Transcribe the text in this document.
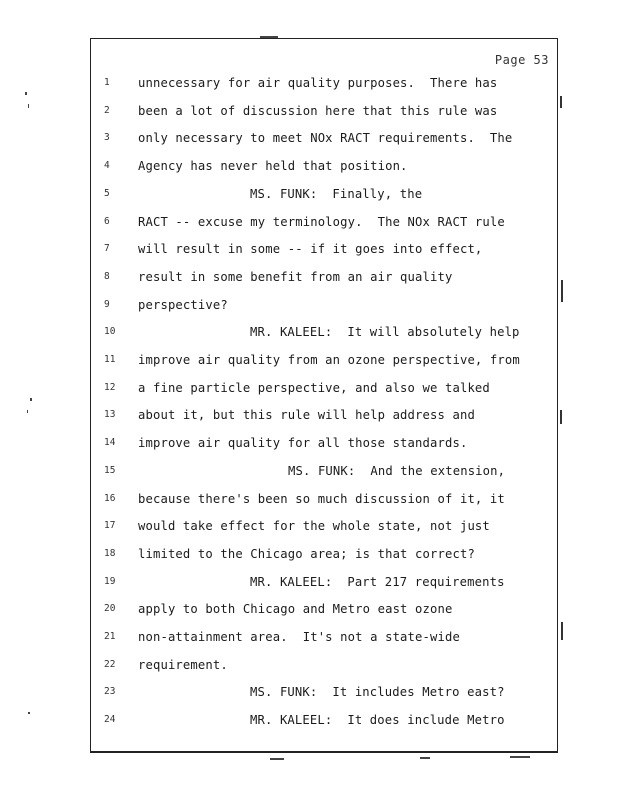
Page 53
1	unnecessary for air quality purposes.  There has
2	been a lot of discussion here that this rule was
3	only necessary to meet NOx RACT requirements.  The
4	Agency has never held that position.
5	MS. FUNK:  Finally, the
6	RACT -- excuse my terminology.  The NOx RACT rule
7	will result in some -- if it goes into effect,
8	result in some benefit from an air quality
9	perspective?
10	MR. KALEEL:  It will absolutely help
11	improve air quality from an ozone perspective, from
12	a fine particle perspective, and also we talked
13	about it, but this rule will help address and
14	improve air quality for all those standards.
15	MS. FUNK:  And the extension,
16	because there's been so much discussion of it, it
17	would take effect for the whole state, not just
18	limited to the Chicago area; is that correct?
19	MR. KALEEL:  Part 217 requirements
20	apply to both Chicago and Metro east ozone
21	non-attainment area.  It's not a state-wide
22	requirement.
23	MS. FUNK:  It includes Metro east?
24	MR. KALEEL:  It does include Metro
